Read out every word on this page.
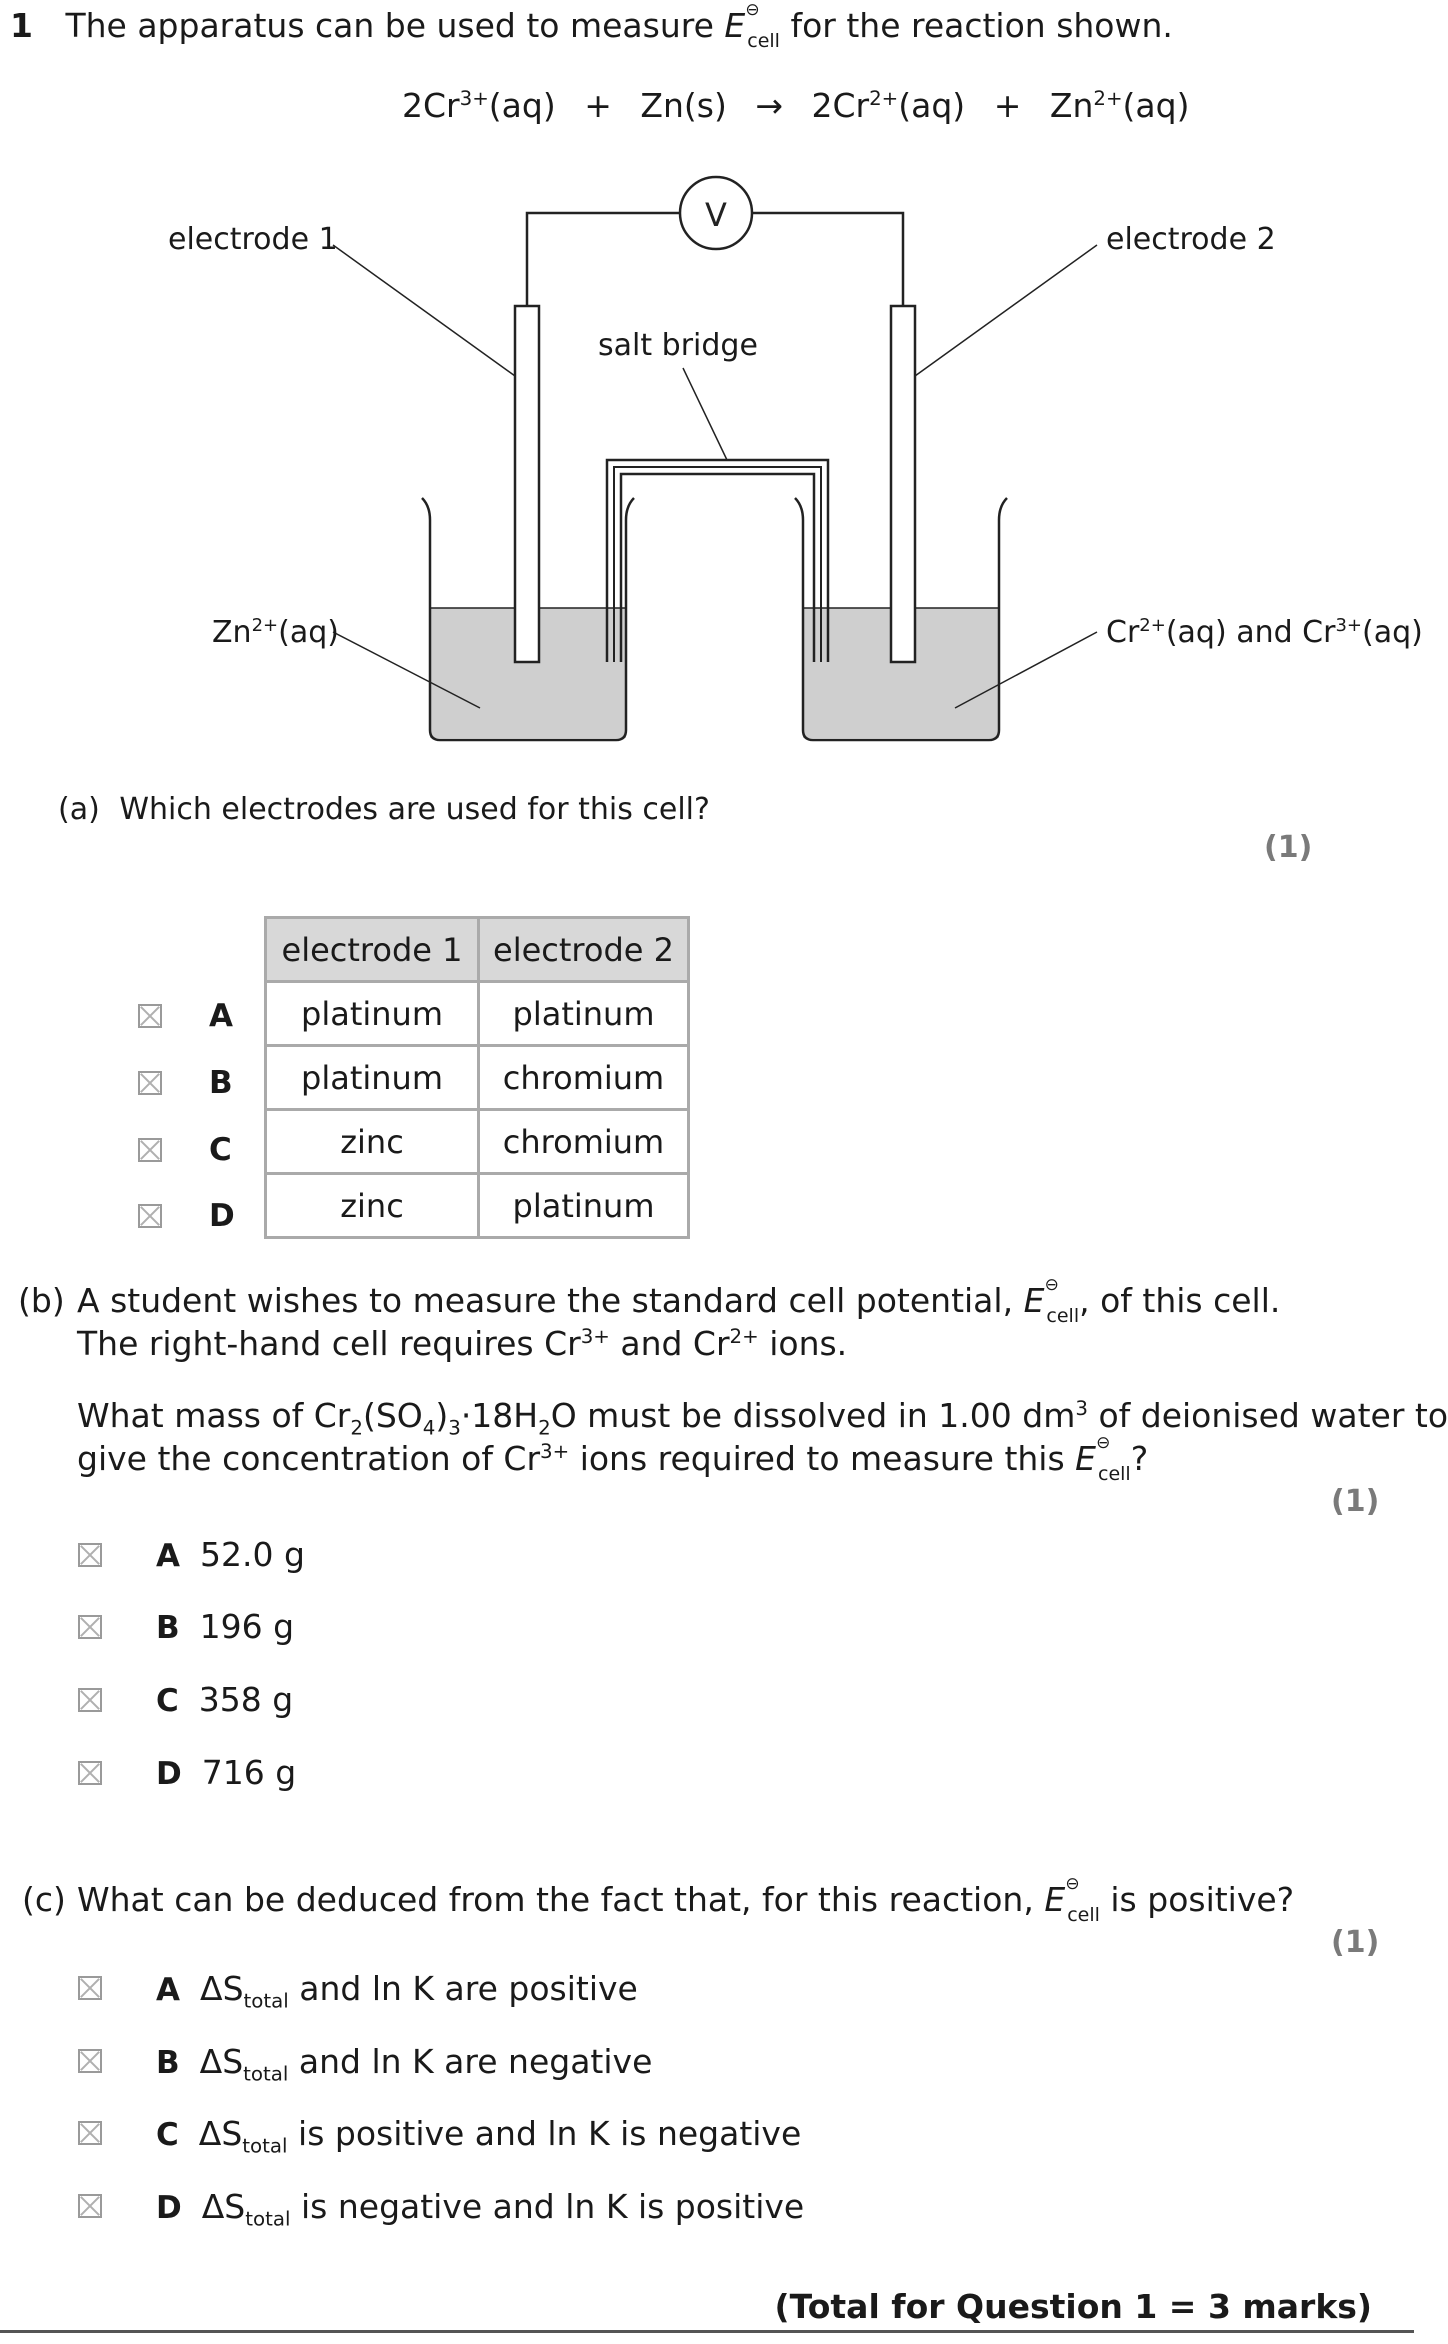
1 The apparatus can be used to measure E ⊖
$_{cell}$ for the reaction shown.
$2Cr^{3+}(aq) + Zn(s) \to 2Cr^{2+}(aq) + Zn^{2+}(aq)$
V
electrode 1	electrode 2
salt bridge
$Zn^{2+}(aq)$	$Cr^{2+}(aq)$ and $Cr^{3+}(aq)$
(a) Which electrodes are used for this cell?
(1)
electrode 1	electrode 2
platinum	platinum
platinum	chromium
zinc	chromium
zinc	platinum
A
B
C
D
(b) A student wishes to measure the standard cell potential, E ⊖
$_{cell}$, of this cell.
The right-hand cell requires $Cr^{3+}$ and $Cr^{2+}$ ions.
What mass of $Cr_2(SO_4)_3\cdot 18H_2O$ must be dissolved in 1.00 $dm^3$ of deionised water to
give the concentration of $Cr^{3+}$ ions required to measure this E ⊖
$_{cell}$?
(1)
A 52.0 g
B 196 g
C 358 g
D 716 g
(c) What can be deduced from the fact that, for this reaction, E ⊖
$_{cell}$ is positive?
(1)
A $\Delta S_{total}$ and ln K are positive
B $\Delta S_{total}$ and ln K are negative
C $\Delta S_{total}$ is positive and ln K is negative
D $\Delta S_{total}$ is negative and ln K is positive
(Total for Question 1 = 3 marks)
